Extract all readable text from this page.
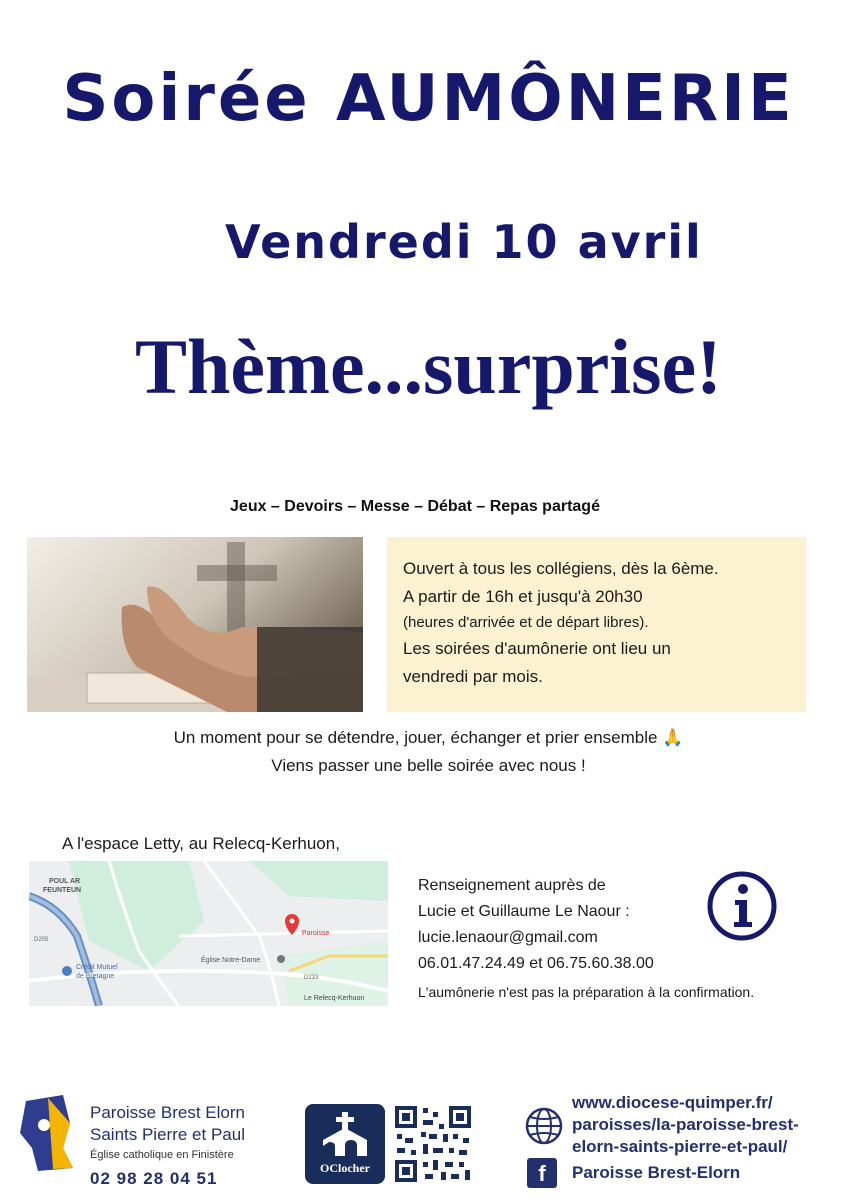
Soirée AUMÔNERIE
Vendredi 10 avril
Thème...surprise!
Jeux – Devoirs – Messe – Débat – Repas partagé
Ouvert à tous les collégiens, dès la 6ème.
A partir de 16h et jusqu'à 20h30
(heures d'arrivée et de départ libres).
Les soirées d'aumônerie ont lieu un
vendredi par mois.
Un moment pour se détendre, jouer, échanger et prier ensemble 🙏
Viens passer une belle soirée avec nous !
A l'espace Letty, au Relecq-Kerhuon,
POUL AR
FEUNTEUN
D205
D233
Paroisse
Église Notre-Dame
Crédit Mutuel
de Bretagne
Le Relecq-Kerhuon
Renseignement auprès de
Lucie et Guillaume Le Naour :
lucie.lenaour@gmail.com
06.01.47.24.49 et 06.75.60.38.00
L'aumônerie n'est pas la préparation à la confirmation.
Paroisse Brest Elorn
Saints Pierre et Paul
Église catholique en Finistère
02 98 28 04 51
OClocher
www.diocese-quimper.fr/
paroisses/la-paroisse-brest-
elorn-saints-pierre-et-paul/
f	Paroisse Brest-Elorn
